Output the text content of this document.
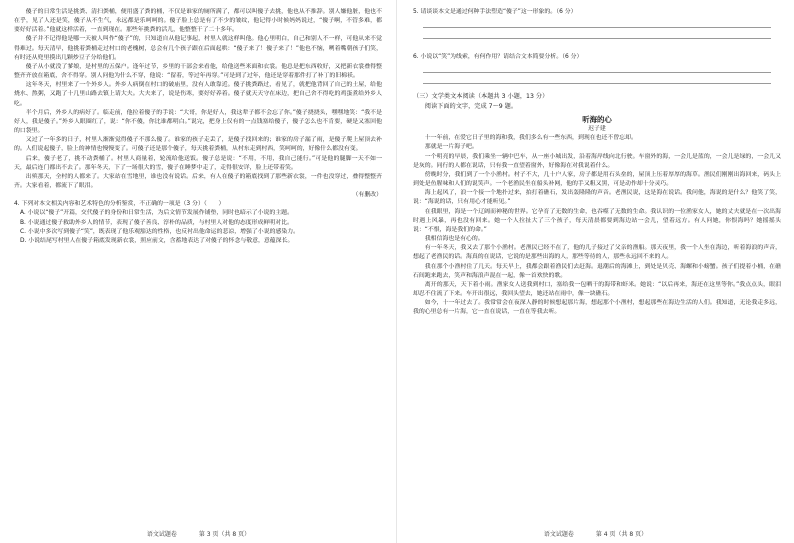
傻子的日常生活是挑粪、清扫粪桶，便用盛了粪的桶，不仅是谁家的厕所满了，都可以叫傻子去挑，他也从不推辞。别人嫌他脏，他也不在乎，见了人还是笑，傻子从不生气，永远都是乐呵呵的。傻子脸上总是有了不少的皱纹，他记得小时候妈妈说过，“傻子啊，不管多难，都要好好活着。”他就这样活着，一直到现在。那些年挑粪的活儿，他整整干了二十多年。

傻子并不记得他是哪一天被人叫作“傻子”的，只知道自从他记事起，村里人就这样叫他。他心里明白，自己和别人不一样，可他从来不觉得难过。每天清早，他挑着粪桶走过村口的老槐树，总会有几个孩子跟在后面起哄：“傻子来了！傻子来了！”他也不恼，咧着嘴朝孩子们笑，有时还从兜里摸出几颗炒豆子分给他们。

傻子从小就没了爹娘，是村里的五保户。逢年过节，乡里的干部会来看他，给他送些米面和衣裳。他总是把东西收好，又把新衣裳叠得整整齐齐放在箱底，舍不得穿。别人问他为什么不穿，他说：“留着，等过年再穿。”可是到了过年，他还是穿着那件打了补丁的旧棉袄。

这年冬天，村里来了一个外乡人。外乡人病倒在村口的破庙里，没有人敢靠近。傻子挑粪路过，看见了，就把他背回了自己的土屋，给他烧水、熬粥，又跑了十几里山路去镇上请大夫。大夫来了，说是伤寒，要好好养着。傻子就天天守在床边，把自己舍不得吃的鸡蛋煮给外乡人吃。

半个月后，外乡人的病好了。临走前，他拉着傻子的手说：“大哥，你是好人，我这辈子都不会忘了你。”傻子挠挠头，嘿嘿地笑：“我不是好人，我是傻子。”外乡人眼圈红了，说：“你不傻，你比谁都明白。”说完，把身上仅有的一点钱塞给傻子，傻子怎么也不肯要，硬是又塞回他的口袋里。

又过了一年多的日子，村里人渐渐觉得傻子不那么傻了。谁家的孩子走丢了，是傻子找回来的；谁家的房子漏了雨，是傻子爬上屋顶去补的。人们说起傻子，脸上的神情也慢慢变了。可傻子还是那个傻子，每天挑着粪桶，从村东走到村西，笑呵呵的，好像什么都没有变。

后来，傻子老了，挑不动粪桶了。村里人商量着，轮流给他送饭。傻子总是说：“不用，不用，我自己能行。”可是他的腿脚一天不如一天，最后连门都出不去了。那年冬天，下了一场很大的雪，傻子在睡梦中走了，走得很安详，脸上还带着笑。

出殡那天，全村的人都来了。大家站在雪地里，谁也没有说话。后来，有人在傻子的箱底找到了那些新衣裳，一件也没穿过，叠得整整齐齐。大家看着，都流下了眼泪。

（有删改）

4. 下列对本文相关内容和艺术特色的分析鉴赏，不正确的一项是（3 分）（　　）

A. 小说以“傻子”开篇，交代傻子的身份和日常生活，为后文情节发展作铺垫，同时也暗示了小说的主题。

B. 小说通过傻子救助外乡人的情节，表现了傻子善良、淳朴的品质，与村里人对他的态度形成鲜明对比。

C. 小说中多次写到傻子“笑”，既表现了他乐观豁达的性格，也反衬出他命运的悲凉，增强了小说的感染力。

D. 小说结尾写村里人在傻子箱底发现新衣裳，照应前文，含蓄地表达了对傻子的怀念与敬意，意蕴深长。

语文试题卷	第 3 页（共 8 页）

5. 请谈谈本文是通过何种手法塑造“傻子”这一形象的。（6 分）

6. 小说以“笑”为线索，有何作用？请结合文本简要分析。（6 分）

（三）文学类文本阅读（本题共 3 小题，13 分）

阅读下面的文字，完成 7～9 题。

听海的心

迟子建

十一年前，在爱它日子里的海和我，我们多么有一些东西，到现在也还不曾忘却。

那就是一片海子吧。

一个明亮的早晨，我们乘坐一辆中巴车，从一座小城出发，沿着海岸线向北行驶。车窗外的海，一会儿是蓝的，一会儿是绿的，一会儿又是灰的。同行的人都在说话，只有我一直望着窗外，好像海在对我说着什么。

傍晚时分，我们到了一个小渔村。村子不大，几十户人家，房子都是用石头垒的，屋顶上压着厚厚的海草。渔民们刚刚出海回来，码头上到处是鱼腥味和人们的说笑声。一个老渔民坐在船头补网，他的手又粗又黑，可是动作却十分灵巧。

海上起风了，浪一个接一个地扑过来，拍打着礁石，发出轰隆隆的声音。老渔民说，这是海在说话。我问他，海说的是什么？他笑了笑，说：“海说的话，只有用心才能听见。”

在我眼里，海是一个辽阔而神秘的世界。它孕育了无数的生命，也吞噬了无数的生命。我认识的一位渔家女人，她的丈夫就是在一次出海时遇上风暴，再也没有回来。她一个人拉扯大了三个孩子，每天清晨都要到海边站一会儿，望着远方。有人问她，你恨海吗？她摇摇头说：“不恨，海是我们的命。”

我相信海也是有心的。

有一年冬天，我又去了那个小渔村。老渔民已经不在了，他的儿子接过了父亲的渔船。那天夜里，我一个人坐在海边，听着海浪的声音，想起了老渔民的话。海真的在说话，它说的是那些出海的人，那些等待的人，那些永远回不来的人。

我在那个小渔村住了几天。每天早上，我都会跟着渔民们去赶海。退潮后的海滩上，到处是贝壳、海螺和小螃蟹。孩子们提着小桶，在礁石间跑来跑去，笑声和海浪声混在一起，像一首欢快的歌。

离开的那天，天下着小雨。渔家女人送我到村口，塞给我一包晒干的海带和虾米。她说：“以后再来，海还在这里等你。”我点点头，眼泪却忍不住流了下来。车开出很远，我回头望去，她还站在雨中，像一块礁石。

如今，十一年过去了。我常常会在夜深人静的时候想起那片海，想起那个小渔村，想起那些在海边生活的人们。我知道，无论我走多远，我的心里总有一片海，它一直在说话，一直在等我去听。

语文试题卷	第 4 页（共 8 页）
